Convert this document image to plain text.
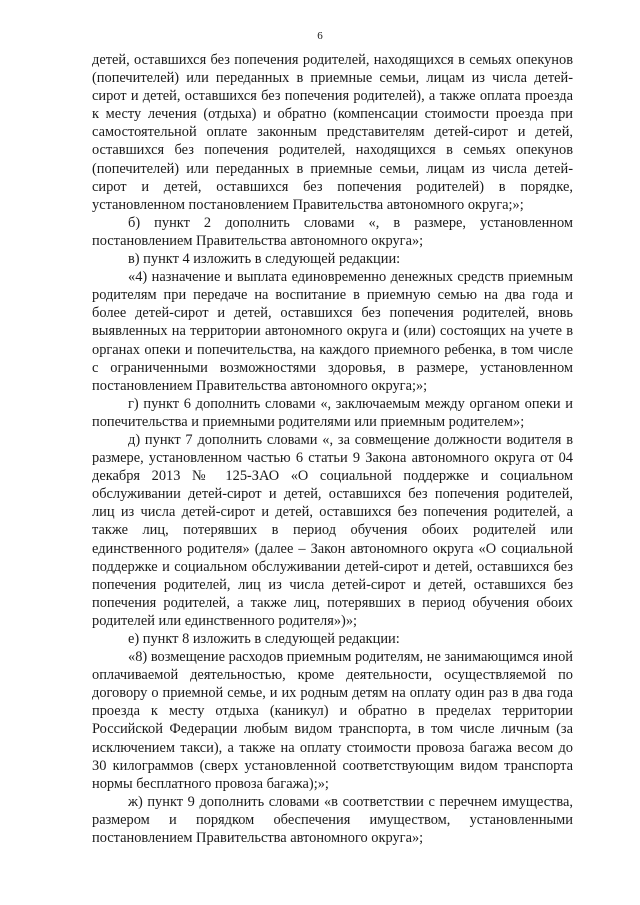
6

детей, оставшихся без попечения родителей, находящихся в семьях опекунов (попечителей) или переданных в приемные семьи, лицам из числа детей-сирот и детей, оставшихся без попечения родителей), а также оплата проезда к месту лечения (отдыха) и обратно (компенсации стоимости проезда при самостоятельной оплате законным представителям детей-сирот и детей, оставшихся без попечения родителей, находящихся в семьях опекунов (попечителей) или переданных в приемные семьи, лицам из числа детей-сирот и детей, оставшихся без попечения родителей) в порядке, установленном постановлением Правительства автономного округа;»;

б) пункт 2 дополнить словами «, в размере, установленном постановлением Правительства автономного округа»;

в) пункт 4 изложить в следующей редакции:

«4) назначение и выплата единовременно денежных средств приемным родителям при передаче на воспитание в приемную семью на два года и более детей-сирот и детей, оставшихся без попечения родителей, вновь выявленных на территории автономного округа и (или) состоящих на учете в органах опеки и попечительства, на каждого приемного ребенка, в том числе с ограниченными возможностями здоровья, в размере, установленном постановлением Правительства автономного округа;»;

г) пункт 6 дополнить словами «, заключаемым между органом опеки и попечительства и приемными родителями или приемным родителем»;

д) пункт 7 дополнить словами «, за совмещение должности водителя в размере, установленном частью 6 статьи 9 Закона автономного округа от 04 декабря 2013 № 125-ЗАО «О социальной поддержке и социальном обслуживании детей-сирот и детей, оставшихся без попечения родителей, лиц из числа детей-сирот и детей, оставшихся без попечения родителей, а также лиц, потерявших в период обучения обоих родителей или единственного родителя» (далее – Закон автономного округа «О социальной поддержке и социальном обслуживании детей-сирот и детей, оставшихся без попечения родителей, лиц из числа детей-сирот и детей, оставшихся без попечения родителей, а также лиц, потерявших в период обучения обоих родителей или единственного родителя»)»;

е) пункт 8 изложить в следующей редакции:

«8) возмещение расходов приемным родителям, не занимающимся иной оплачиваемой деятельностью, кроме деятельности, осуществляемой по договору о приемной семье, и их родным детям на оплату один раз в два года проезда к месту отдыха (каникул) и обратно в пределах территории Российской Федерации любым видом транспорта, в том числе личным (за исключением такси), а также на оплату стоимости провоза багажа весом до 30 килограммов (сверх установленной соответствующим видом транспорта нормы бесплатного провоза багажа);»;

ж) пункт 9 дополнить словами «в соответствии с перечнем имущества, размером и порядком обеспечения имуществом, установленными постановлением Правительства автономного округа»;
